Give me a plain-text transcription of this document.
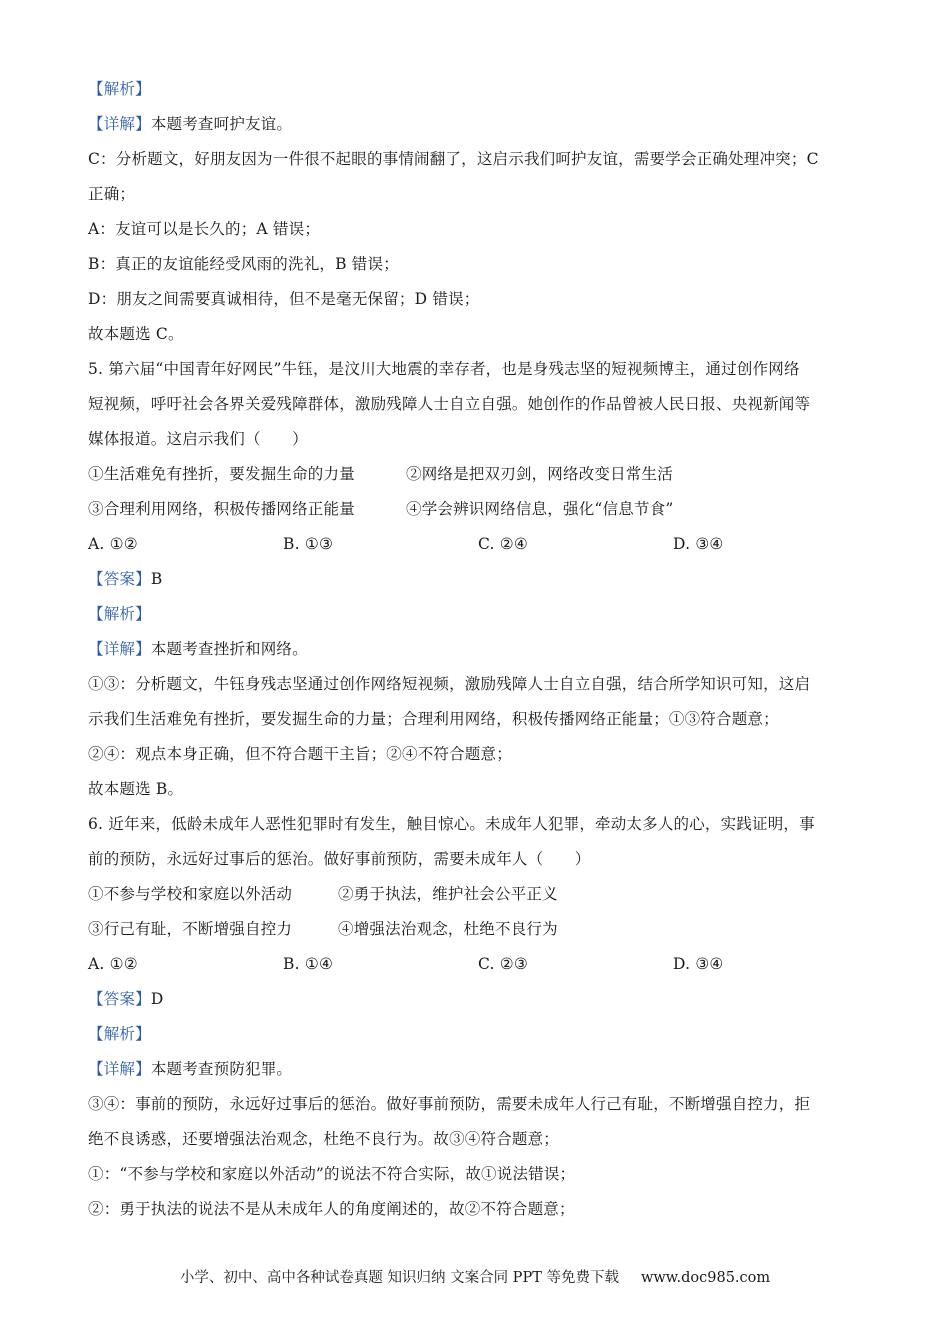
【解析】
【详解】本题考查呵护友谊。
C：分析题文，好朋友因为一件很不起眼的事情闹翻了，这启示我们呵护友谊，需要学会正确处理冲突；C
正确；
A：友谊可以是长久的；A 错误；
B：真正的友谊能经受风雨的洗礼，B 错误；
D：朋友之间需要真诚相待，但不是毫无保留；D 错误；
故本题选 C。
5. 第六届“中国青年好网民”牛钰，是汶川大地震的幸存者，也是身残志坚的短视频博主，通过创作网络
短视频，呼吁社会各界关爱残障群体，激励残障人士自立自强。她创作的作品曾被人民日报、央视新闻等
媒体报道。这启示我们（　　）
①生活难免有挫折，要发掘生命的力量	②网络是把双刃剑，网络改变日常生活
③合理利用网络，积极传播网络正能量	④学会辨识网络信息，强化“信息节食”
A. ①②	B. ①③	C. ②④	D. ③④
【答案】B
【解析】
【详解】本题考查挫折和网络。
①③：分析题文，牛钰身残志坚通过创作网络短视频，激励残障人士自立自强，结合所学知识可知，这启
示我们生活难免有挫折，要发掘生命的力量；合理利用网络，积极传播网络正能量；①③符合题意；
②④：观点本身正确，但不符合题干主旨；②④不符合题意；
故本题选 B。
6. 近年来，低龄未成年人恶性犯罪时有发生，触目惊心。未成年人犯罪，牵动太多人的心，实践证明，事
前的预防，永远好过事后的惩治。做好事前预防，需要未成年人（　　）
①不参与学校和家庭以外活动	②勇于执法，维护社会公平正义
③行己有耻，不断增强自控力	④增强法治观念，杜绝不良行为
A. ①②	B. ①④	C. ②③	D. ③④
【答案】D
【解析】
【详解】本题考查预防犯罪。
③④：事前的预防，永远好过事后的惩治。做好事前预防，需要未成年人行己有耻，不断增强自控力，拒
绝不良诱惑，还要增强法治观念，杜绝不良行为。故③④符合题意；
①：“不参与学校和家庭以外活动”的说法不符合实际，故①说法错误；
②：勇于执法的说法不是从未成年人的角度阐述的，故②不符合题意；
小学、初中、高中各种试卷真题 知识归纳 文案合同 PPT 等免费下载 www.doc985.com
